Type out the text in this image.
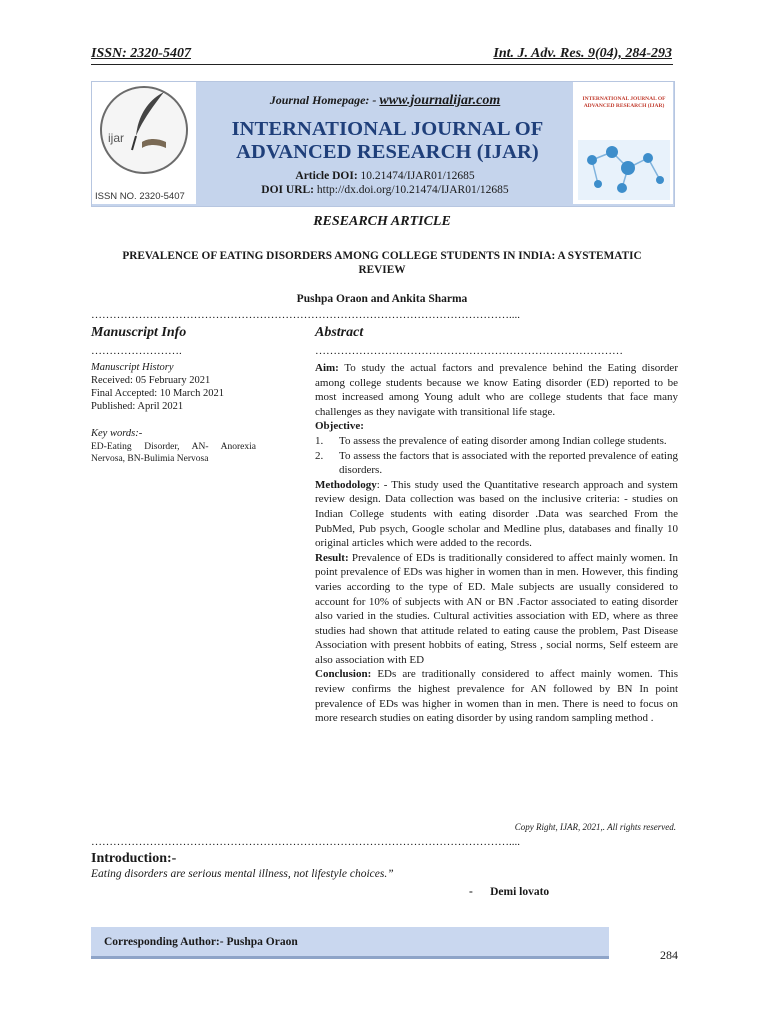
ISSN: 2320-5407	Int. J. Adv. Res. 9(04), 284-293
ijar
ISSN NO. 2320-5407
Journal Homepage: - www.journalijar.com
INTERNATIONAL JOURNAL OF
ADVANCED RESEARCH (IJAR)
Article DOI: 10.21474/IJAR01/12685
DOI URL: http://dx.doi.org/10.21474/IJAR01/12685
INTERNATIONAL JOURNAL OF
ADVANCED RESEARCH (IJAR)
RESEARCH ARTICLE
PREVALENCE OF EATING DISORDERS AMONG COLLEGE STUDENTS IN INDIA: A SYSTEMATIC
REVIEW
Pushpa Oraon and Ankita Sharma
……………………………………………………………………………………………………....
Manuscript Info
…………………….
Manuscript History
Received: 05 February 2021
Final Accepted: 10 March 2021
Published: April 2021
Key words:-
ED-Eating Disorder, AN- Anorexia Nervosa, BN-Bulimia Nervosa
Abstract
…………………………………………………………………………
Aim: To study the actual factors and prevalence behind the Eating disorder among college students because we know Eating disorder (ED) reported to be most increased among Young adult who are college students that face many challenges as they navigate with transitional life stage.
Objective:
1.	To assess the prevalence of eating disorder among Indian college students.
2.	To assess the factors that is associated with the reported prevalence of eating disorders.
Methodology: - This study used the Quantitative research approach and system review design. Data collection was based on the inclusive criteria: - studies on Indian College students with eating disorder .Data was searched From the PubMed, Pub psych, Google scholar and Medline plus, databases and finally 10 original articles which were added to the records.
Result: Prevalence of EDs is traditionally considered to affect mainly women. In point prevalence of EDs was higher in women than in men. However, this finding varies according to the type of ED. Male subjects are usually considered to account for 10% of subjects with AN or BN .Factor associated to eating disorder also varied in the studies. Cultural activities association with ED, where as three studies had shown that attitude related to eating cause the problem, Past Disease Association with present hobbits of eating, Stress , social norms, Self esteem are also association with ED
Conclusion: EDs are traditionally considered to affect mainly women. This review confirms the highest prevalence for AN followed by BN In point prevalence of EDs was higher in women than in men. There is need to focus on more research studies on eating disorder by using random sampling method .
Copy Right, IJAR, 2021,. All rights reserved.
……………………………………………………………………………………………………....
Introduction:-
Eating disorders are serious mental illness, not lifestyle choices.”
-      Demi lovato
Corresponding Author:- Pushpa Oraon
284
